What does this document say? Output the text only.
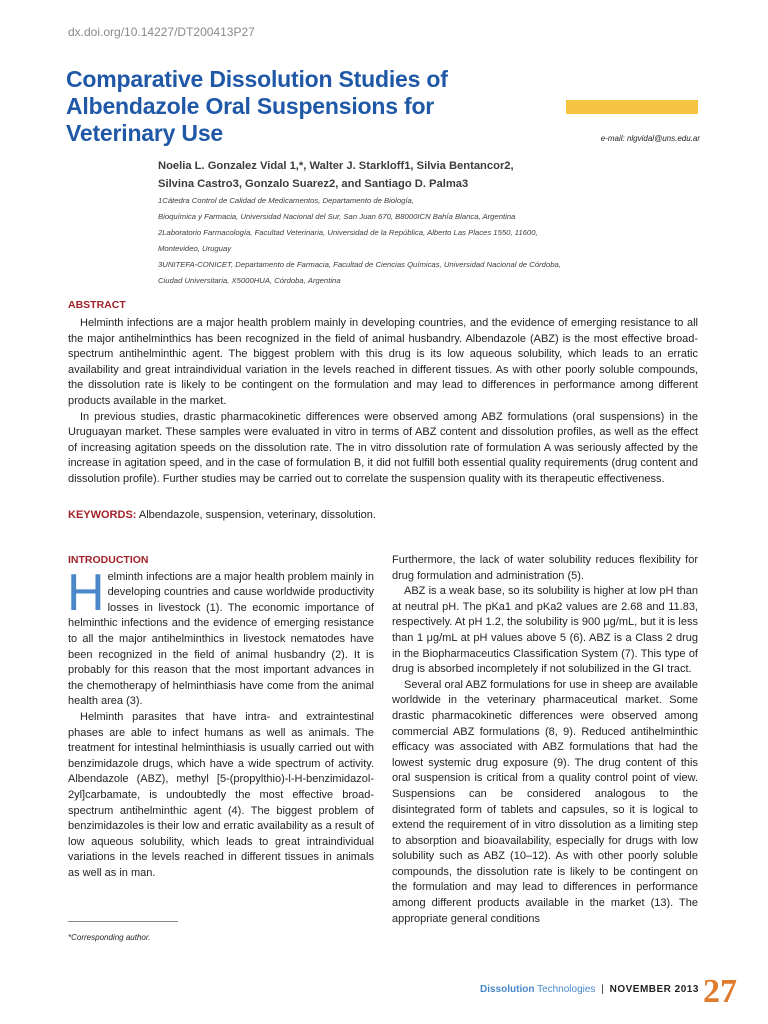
dx.doi.org/10.14227/DT200413P27
Comparative Dissolution Studies of
Albendazole Oral Suspensions for
Veterinary Use	e-mail: nlgvidal@uns.edu.ar
Noelia L. Gonzalez Vidal 1,*, Walter J. Starkloff1, Silvia Bentancor2,
Silvina Castro3, Gonzalo Suarez2, and Santiago D. Palma3

1Cátedra Control de Calidad de Medicamentos, Departamento de Biología,

Bioquímica y Farmacia, Universidad Nacional del Sur, San Juan 670, B8000ICN Bahía Blanca, Argentina

2Laboratorio Farmacología, Facultad Veterinaria, Universidad de la República, Alberto Las Places 1550, 11600,

Montevideo, Uruguay

3UNITEFA-CONICET, Departamento de Farmacia, Facultad de Ciencias Químicas, Universidad Nacional de Córdoba,

Ciudad Universitaria, X5000HUA, Córdoba, Argentina

ABSTRACT

Helminth infections are a major health problem mainly in developing countries, and the evidence of emerging resistance to all the major antihelminthics has been recognized in the field of animal husbandry. Albendazole (ABZ) is the most effective broad-spectrum antihelminthic agent. The biggest problem with this drug is its low aqueous solubility, which leads to an erratic availability and great intraindividual variation in the levels reached in different tissues. As with other poorly soluble compounds, the dissolution rate is likely to be contingent on the formulation and may lead to differences in performance among different products available in the market.

In previous studies, drastic pharmacokinetic differences were observed among ABZ formulations (oral suspensions) in the Uruguayan market. These samples were evaluated in vitro in terms of ABZ content and dissolution profiles, as well as the effect of increasing agitation speeds on the dissolution rate. The in vitro dissolution rate of formulation A was seriously affected by the increase in agitation speed, and in the case of formulation B, it did not fulfill both essential quality requirements (drug content and dissolution profile). Further studies may be carried out to correlate the suspension quality with its therapeutic effectiveness.

KEYWORDS: Albendazole, suspension, veterinary, dissolution.
INTRODUCTION

Helminth infections are a major health problem mainly in developing countries and cause worldwide productivity losses in livestock (1). The economic importance of helminthic infections and the evidence of emerging resistance to all the major antihelminthics in livestock nematodes have been recognized in the field of animal husbandry (2). It is probably for this reason that the most important advances in the chemotherapy of helminthiasis have come from the animal health area (3).

Helminth parasites that have intra- and extraintestinal phases are able to infect humans as well as animals. The treatment for intestinal helminthiasis is usually carried out with benzimidazole drugs, which have a wide spectrum of activity. Albendazole (ABZ), methyl [5-(propylthio)-l-H-benzimidazol-2yl]carbamate, is undoubtedly the most effective broad-spectrum antihelminthic agent (4). The biggest problem of benzimidazoles is their low and erratic availability as a result of low aqueous solubility, which leads to great intraindividual variations in the levels reached in different tissues in animals as well as in man.

Furthermore, the lack of water solubility reduces flexibility for drug formulation and administration (5).

ABZ is a weak base, so its solubility is higher at low pH than at neutral pH. The pKa1 and pKa2 values are 2.68 and 11.83, respectively. At pH 1.2, the solubility is 900 μg/mL, but it is less than 1 μg/mL at pH values above 5 (6). ABZ is a Class 2 drug in the Biopharmaceutics Classification System (7). This type of drug is absorbed incompletely if not solubilized in the GI tract.

Several oral ABZ formulations for use in sheep are available worldwide in the veterinary pharmaceutical market. Some drastic pharmacokinetic differences were observed among commercial ABZ formulations (8, 9). Reduced antihelminthic efficacy was associated with ABZ formulations that had the lowest systemic drug exposure (9). The drug content of this oral suspension is critical from a quality control point of view. Suspensions can be considered analogous to the disintegrated form of tablets and capsules, so it is logical to extend the requirement of in vitro dissolution as a limiting step to absorption and bioavailability, especially for drugs with low solubility such as ABZ (10–12). As with other poorly soluble compounds, the dissolution rate is likely to be contingent on the formulation and may lead to differences in performance among different products available in the market (13). The appropriate general conditions

*Corresponding author.
Dissolution Technologies | NOVEMBER 2013 27
